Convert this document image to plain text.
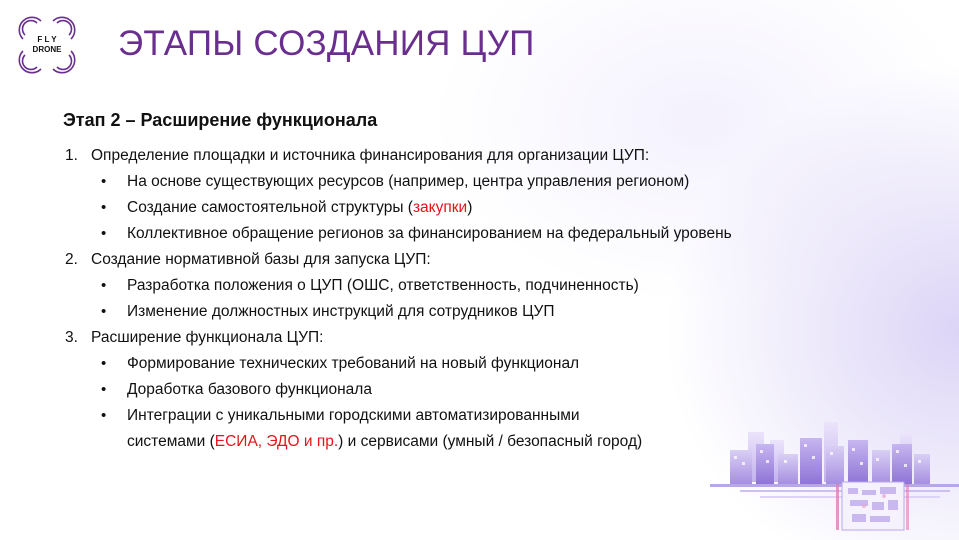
F L Y
DRONE ЭТАПЫ СОЗДАНИЯ ЦУП
Этап 2 – Расширение функционала
1. Определение площадки и источника финансирования для организации ЦУП:
• На основе существующих ресурсов (например, центра управления регионом)
• Создание самостоятельной структуры (закупки)
• Коллективное обращение регионов за финансированием на федеральный уровень
2. Создание нормативной базы для запуска ЦУП:
• Разработка положения о ЦУП (ОШС, ответственность, подчиненность)
• Изменение должностных инструкций для сотрудников ЦУП
3. Расширение функционала ЦУП:
• Формирование технических требований на новый функционал
• Доработка базового функционала
• Интеграции с уникальными городскими автоматизированными
системами (ЕСИА, ЭДО и пр.) и сервисами (умный / безопасный город)
